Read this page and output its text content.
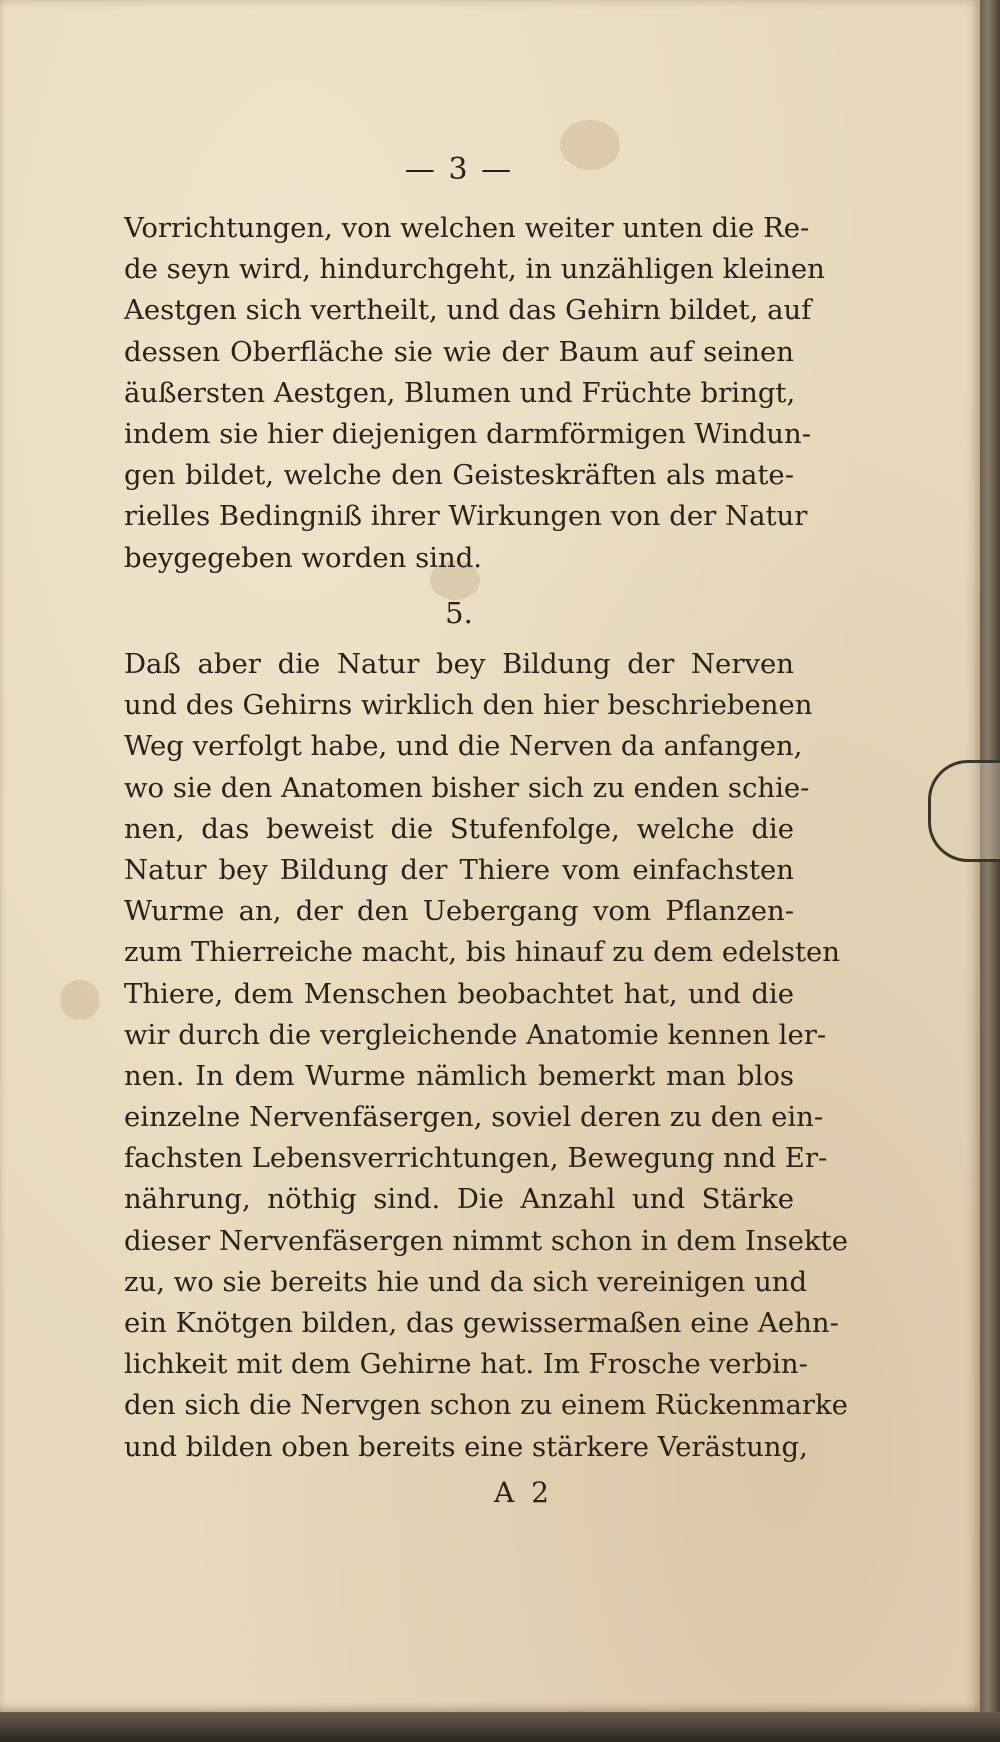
— 3 —
Vorrichtungen, von welchen weiter unten die Re-
de seyn wird, hindurchgeht, in unzähligen kleinen
Aestgen sich vertheilt, und das Gehirn bildet, auf
dessen Oberfläche sie wie der Baum auf seinen
äußersten Aestgen, Blumen und Früchte bringt,
indem sie hier diejenigen darmförmigen Windun-
gen bildet, welche den Geisteskräften als mate-
rielles Bedingniß ihrer Wirkungen von der Natur
beygegeben worden sind.
5.
Daß aber die Natur bey Bildung der Nerven
und des Gehirns wirklich den hier beschriebenen
Weg verfolgt habe, und die Nerven da anfangen,
wo sie den Anatomen bisher sich zu enden schie-
nen, das beweist die Stufenfolge, welche die
Natur bey Bildung der Thiere vom einfachsten
Wurme an, der den Uebergang vom Pflanzen-
zum Thierreiche macht, bis hinauf zu dem edelsten
Thiere, dem Menschen beobachtet hat, und die
wir durch die vergleichende Anatomie kennen ler-
nen. In dem Wurme nämlich bemerkt man blos
einzelne Nervenfäsergen, soviel deren zu den ein-
fachsten Lebensverrichtungen, Bewegung nnd Er-
nährung, nöthig sind. Die Anzahl und Stärke
dieser Nervenfäsergen nimmt schon in dem Insekte
zu, wo sie bereits hie und da sich vereinigen und
ein Knötgen bilden, das gewissermaßen eine Aehn-
lichkeit mit dem Gehirne hat. Im Frosche verbin-
den sich die Nervgen schon zu einem Rückenmarke
und bilden oben bereits eine stärkere Verästung,
A 2
